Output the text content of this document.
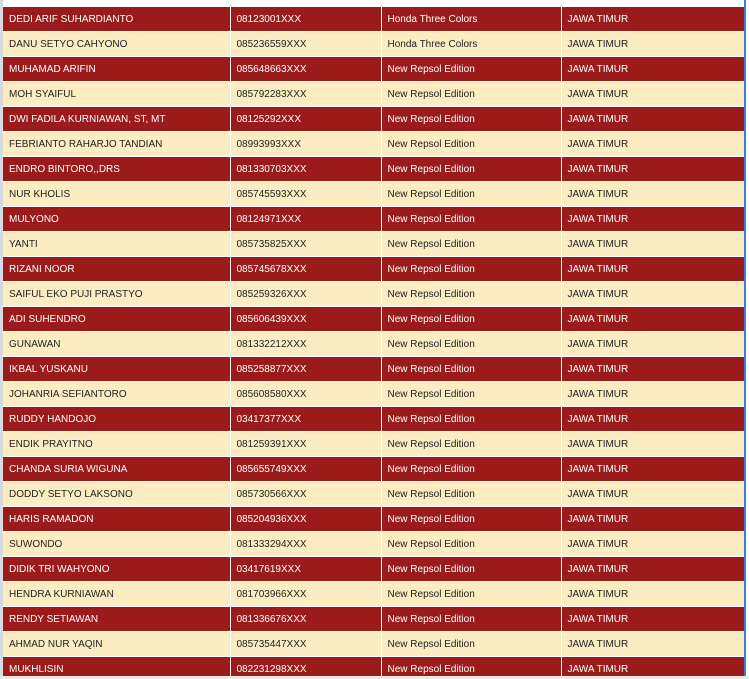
DEDI ARIF SUHARDIANTO	08123001XXX	Honda Three Colors	JAWA TIMUR
DANU SETYO CAHYONO	085236559XXX	Honda Three Colors	JAWA TIMUR
MUHAMAD ARIFIN	085648663XXX	New Repsol Edition	JAWA TIMUR
MOH SYAIFUL	085792283XXX	New Repsol Edition	JAWA TIMUR
DWI FADILA KURNIAWAN, ST, MT	08125292XXX	New Repsol Edition	JAWA TIMUR
FEBRIANTO RAHARJO TANDIAN	08993993XXX	New Repsol Edition	JAWA TIMUR
ENDRO BINTORO,,DRS	081330703XXX	New Repsol Edition	JAWA TIMUR
NUR KHOLIS	085745593XXX	New Repsol Edition	JAWA TIMUR
MULYONO	08124971XXX	New Repsol Edition	JAWA TIMUR
YANTI	085735825XXX	New Repsol Edition	JAWA TIMUR
RIZANI NOOR	085745678XXX	New Repsol Edition	JAWA TIMUR
SAIFUL EKO PUJI PRASTYO	085259326XXX	New Repsol Edition	JAWA TIMUR
ADI SUHENDRO	085606439XXX	New Repsol Edition	JAWA TIMUR
GUNAWAN	081332212XXX	New Repsol Edition	JAWA TIMUR
IKBAL YUSKANU	085258877XXX	New Repsol Edition	JAWA TIMUR
JOHANRIA SEFIANTORO	085608580XXX	New Repsol Edition	JAWA TIMUR
RUDDY HANDOJO	03417377XXX	New Repsol Edition	JAWA TIMUR
ENDIK PRAYITNO	081259391XXX	New Repsol Edition	JAWA TIMUR
CHANDA SURIA WIGUNA	085655749XXX	New Repsol Edition	JAWA TIMUR
DODDY SETYO LAKSONO	085730566XXX	New Repsol Edition	JAWA TIMUR
HARIS RAMADON	085204936XXX	New Repsol Edition	JAWA TIMUR
SUWONDO	081333294XXX	New Repsol Edition	JAWA TIMUR
DIDIK TRI WAHYONO	03417619XXX	New Repsol Edition	JAWA TIMUR
HENDRA KURNIAWAN	081703966XXX	New Repsol Edition	JAWA TIMUR
RENDY SETIAWAN	081336676XXX	New Repsol Edition	JAWA TIMUR
AHMAD NUR YAQIN	085735447XXX	New Repsol Edition	JAWA TIMUR
MUKHLISIN	082231298XXX	New Repsol Edition	JAWA TIMUR
